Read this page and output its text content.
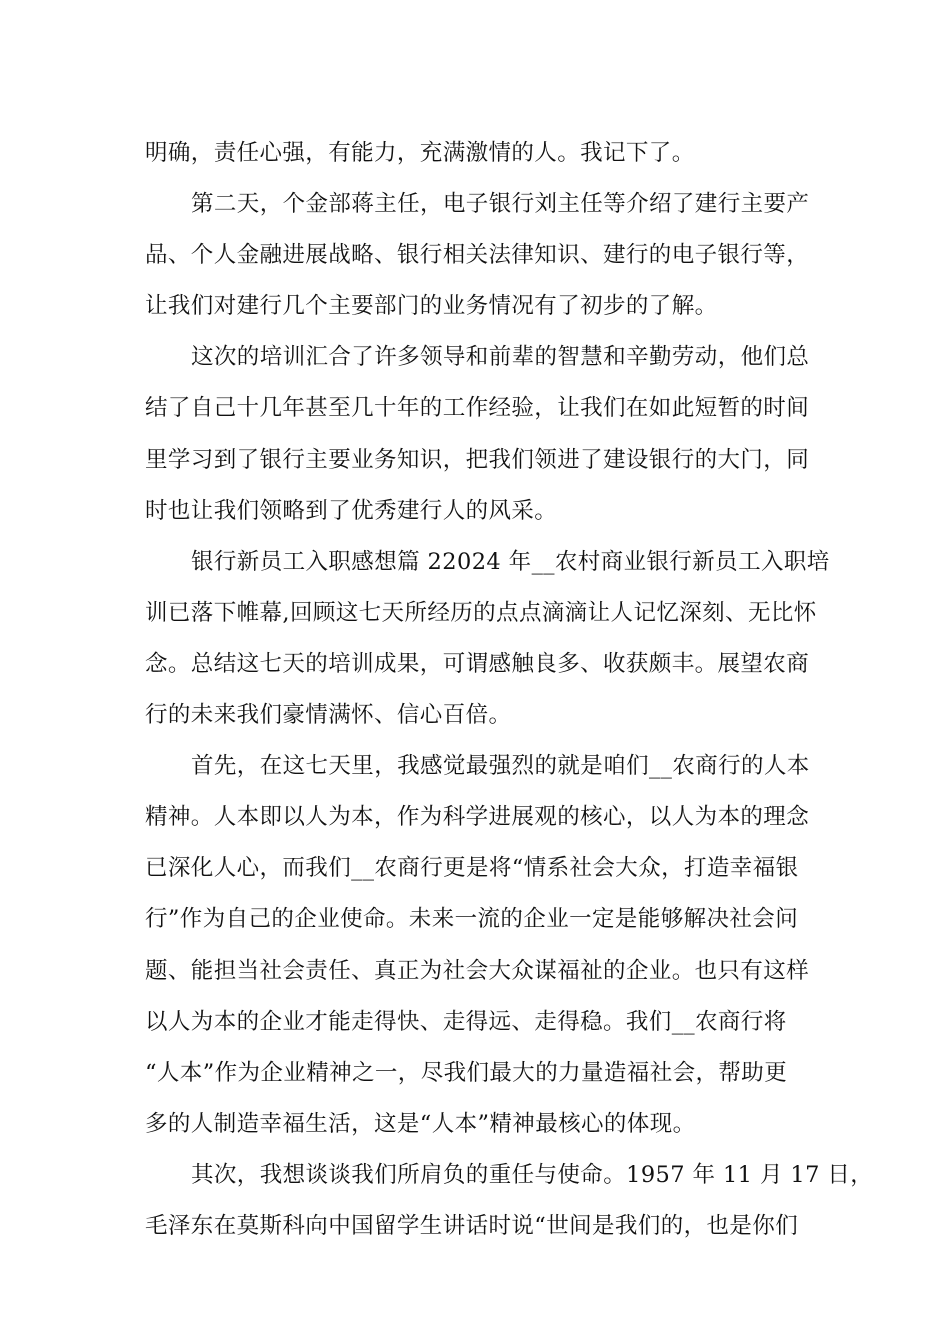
明确，责任心强，有能力，充满激情的人。我记下了。
第二天，个金部蒋主任，电子银行刘主任等介绍了建行主要产
品、个人金融进展战略、银行相关法律知识、建行的电子银行等，
让我们对建行几个主要部门的业务情况有了初步的了解。
这次的培训汇合了许多领导和前辈的智慧和辛勤劳动，他们总
结了自己十几年甚至几十年的工作经验，让我们在如此短暂的时间
里学习到了银行主要业务知识，把我们领进了建设银行的大门，同
时也让我们领略到了优秀建行人的风采。
银行新员工入职感想篇 22024 年__农村商业银行新员工入职培
训已落下帷幕,回顾这七天所经历的点点滴滴让人记忆深刻、无比怀
念。总结这七天的培训成果，可谓感触良多、收获颇丰。展望农商
行的未来我们豪情满怀、信心百倍。
首先，在这七天里，我感觉最强烈的就是咱们__农商行的人本
精神。人本即以人为本，作为科学进展观的核心，以人为本的理念
已深化人心，而我们__农商行更是将“情系社会大众，打造幸福银
行”作为自己的企业使命。未来一流的企业一定是能够解决社会问
题、能担当社会责任、真正为社会大众谋福祉的企业。也只有这样
以人为本的企业才能走得快、走得远、走得稳。我们__农商行将
“人本”作为企业精神之一，尽我们最大的力量造福社会，帮助更
多的人制造幸福生活，这是“人本”精神最核心的体现。
其次，我想谈谈我们所肩负的重任与使命。1957 年 11 月 17 日，
毛泽东在莫斯科向中国留学生讲话时说“世间是我们的，也是你们
